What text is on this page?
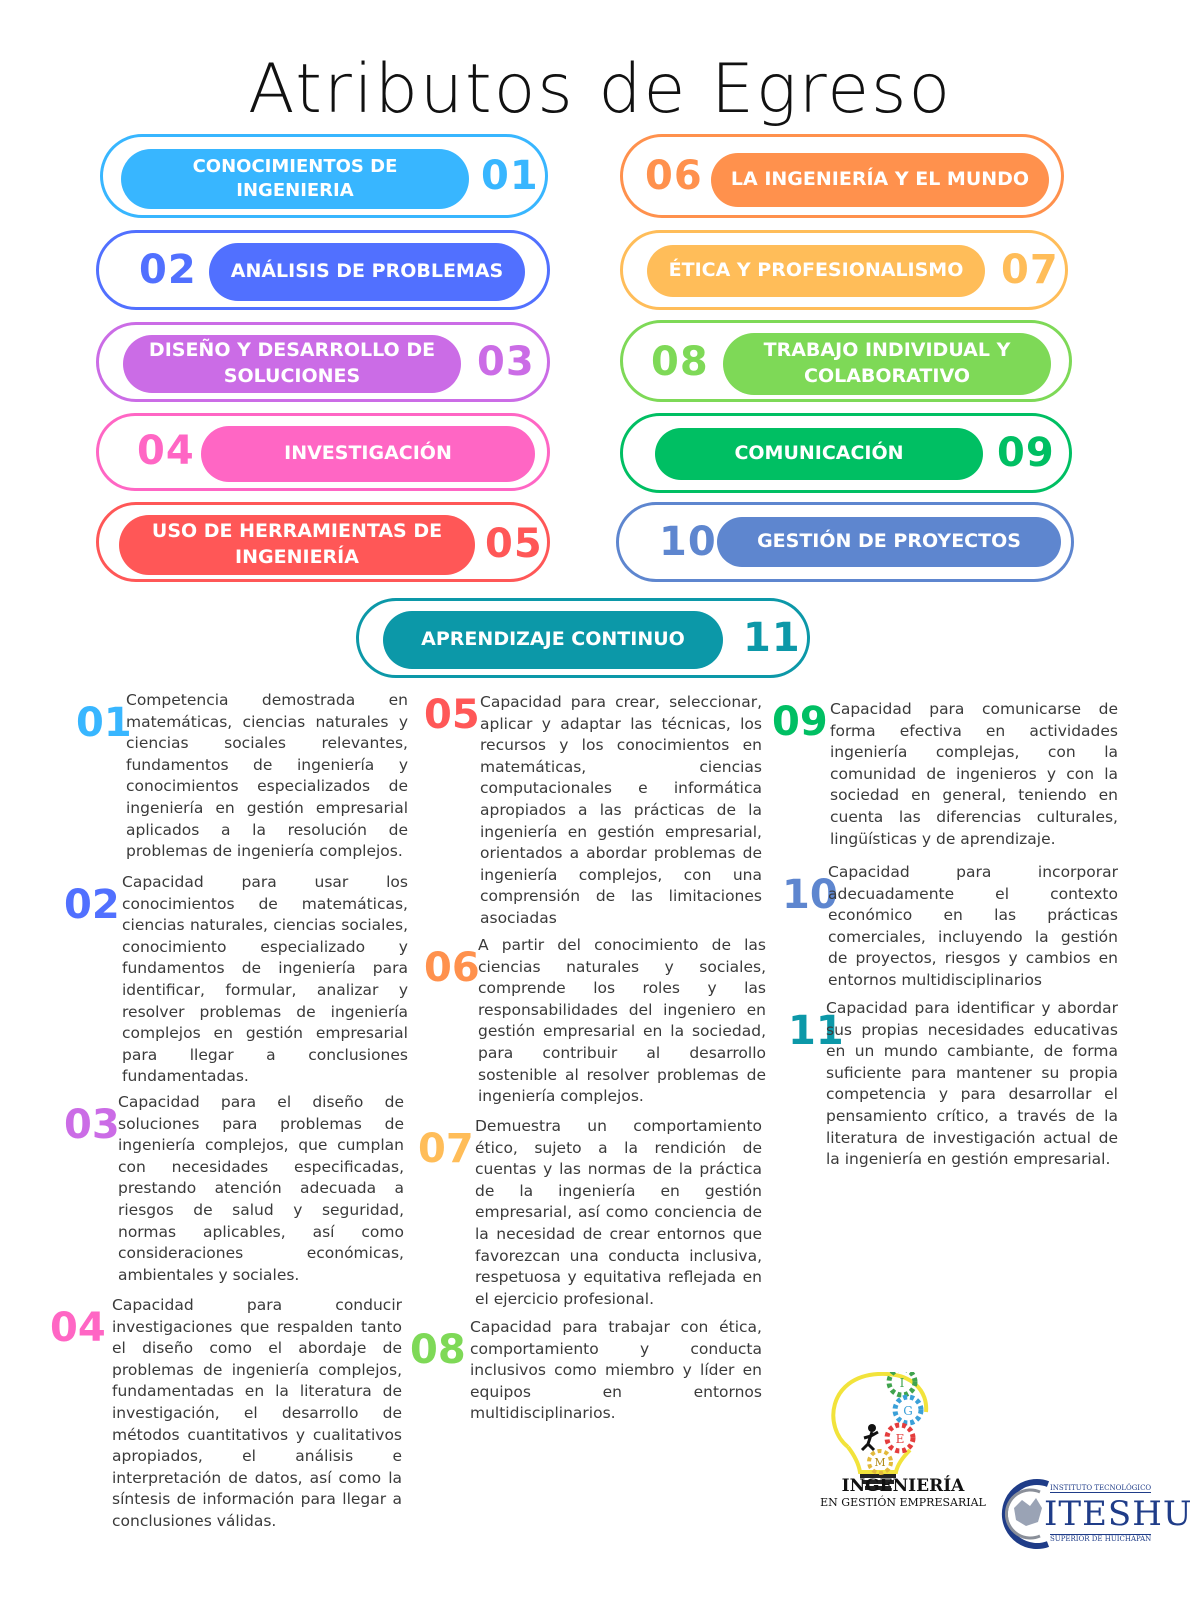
Atributos de Egreso
CONOCIMIENTOS DE INGENIERIA	01
ANÁLISIS DE PROBLEMAS
02
DISEÑO Y DESARROLLO DE SOLUCIONES	03
INVESTIGACIÓN
04
USO DE HERRAMIENTAS DE INGENIERÍA	05
LA INGENIERÍA Y EL MUNDO
06
ÉTICA Y PROFESIONALISMO 07
TRABAJO INDIVIDUAL Y COLABORATIVO
08
COMUNICACIÓN	09
GESTIÓN DE PROYECTOS
10
APRENDIZAJE CONTINUO	11
01
Competencia demostrada en matemáticas, ciencias naturales y ciencias sociales relevantes, fundamentos de ingeniería y conocimientos especializados de ingeniería en gestión empresarial aplicados a la resolución de problemas de ingeniería complejos.
02 Capacidad para usar los conocimientos de matemáticas, ciencias naturales, ciencias sociales, conocimiento especializado y fundamentos de ingeniería para identificar, formular, analizar y resolver problemas de ingeniería complejos en gestión empresarial para llegar a conclusiones fundamentadas.
03
Capacidad para el diseño de soluciones para problemas de ingeniería complejos, que cumplan con necesidades especificadas, prestando atención adecuada a riesgos de salud y seguridad, normas aplicables, así como consideraciones económicas, ambientales y sociales.
04 Capacidad para conducir investigaciones que respalden tanto el diseño como el abordaje de problemas de ingeniería complejos, fundamentadas en la literatura de investigación, el desarrollo de métodos cuantitativos y cualitativos apropiados, el análisis e interpretación de datos, así como la síntesis de información para llegar a conclusiones válidas.
05 Capacidad para crear, seleccionar, aplicar y adaptar las técnicas, los recursos y los conocimientos en matemáticas, ciencias computacionales e informática apropiados a las prácticas de la ingeniería en gestión empresarial, orientados a abordar problemas de ingeniería complejos, con una comprensión de las limitaciones asociadas
06
A partir del conocimiento de las ciencias naturales y sociales, comprende los roles y las responsabilidades del ingeniero en gestión empresarial en la sociedad, para contribuir al desarrollo sostenible al resolver problemas de ingeniería complejos.
07 Demuestra un comportamiento ético, sujeto a la rendición de cuentas y las normas de la práctica de la ingeniería en gestión empresarial, así como conciencia de la necesidad de crear entornos que favorezcan una conducta inclusiva, respetuosa y equitativa reflejada en el ejercicio profesional.
08 Capacidad para trabajar con ética, comportamiento y conducta inclusivos como miembro y líder en equipos en entornos multidisciplinarios.
09 Capacidad para comunicarse de forma efectiva en actividades ingeniería complejas, con la comunidad de ingenieros y con la sociedad en general, teniendo en cuenta las diferencias culturales, lingüísticas y de aprendizaje.
10
Capacidad para incorporar adecuadamente el contexto económico en las prácticas comerciales, incluyendo la gestión de proyectos, riesgos y cambios en entornos multidisciplinarios
11
Capacidad para identificar y abordar sus propias necesidades educativas en un mundo cambiante, de forma suficiente para mantener su propia competencia y para desarrollar el pensamiento crítico, a través de la literatura de investigación actual de la ingeniería en gestión empresarial.
I
G
E
M
INGENIERÍA
EN GESTIÓN EMPRESARIAL	ITESHU
INSTITUTO TECNOLÓGICO
SUPERIOR DE HUICHAPAN
